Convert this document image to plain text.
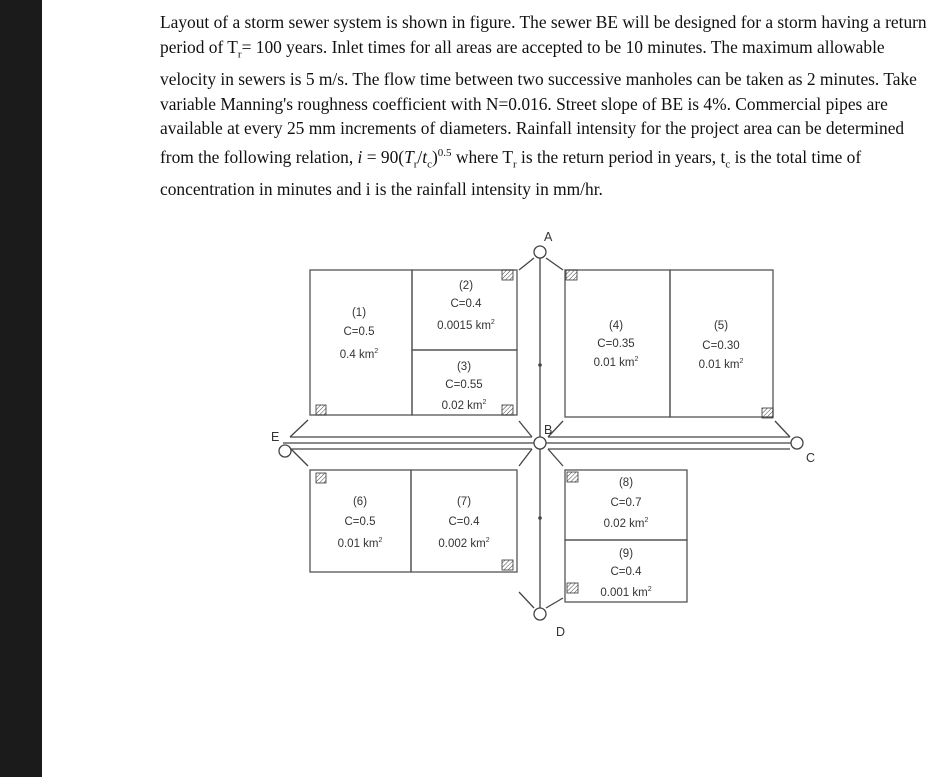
Layout of a storm sewer system is shown in figure. The sewer BE will be designed for a storm having a return period of $T_r= 100$ years. Inlet times for all areas are accepted to be 10 minutes. The maximum allowable velocity in sewers is 5 m/s. The flow time between two successive manholes can be taken as 2 minutes. Take variable Manning's roughness coefficient with N=0.016. Street slope of BE is 4%. Commercial pipes are available at every 25 mm increments of diameters. Rainfall intensity for the project area can be determined from the following relation, $i = 90(T_r/t_c)^{0.5}$ where $T_r$ is the return period in years, $t_c$ is the total time of concentration in minutes and i is the rainfall intensity in mm/hr.

A
B
C
D
E
(1)
C=0.5
0.4 $km^2$
(2)
C=0.4
0.0015 $km^2$
(3)
C=0.55
0.02 $km^2$
(4)
C=0.35
0.01 $km^2$
(5)
C=0.30
0.01 $km^2$
(6)
C=0.5
0.01 $km^2$
(7)
C=0.4
0.002 $km^2$
(8)
C=0.7
0.02 $km^2$
(9)
C=0.4
0.001 $km^2$
